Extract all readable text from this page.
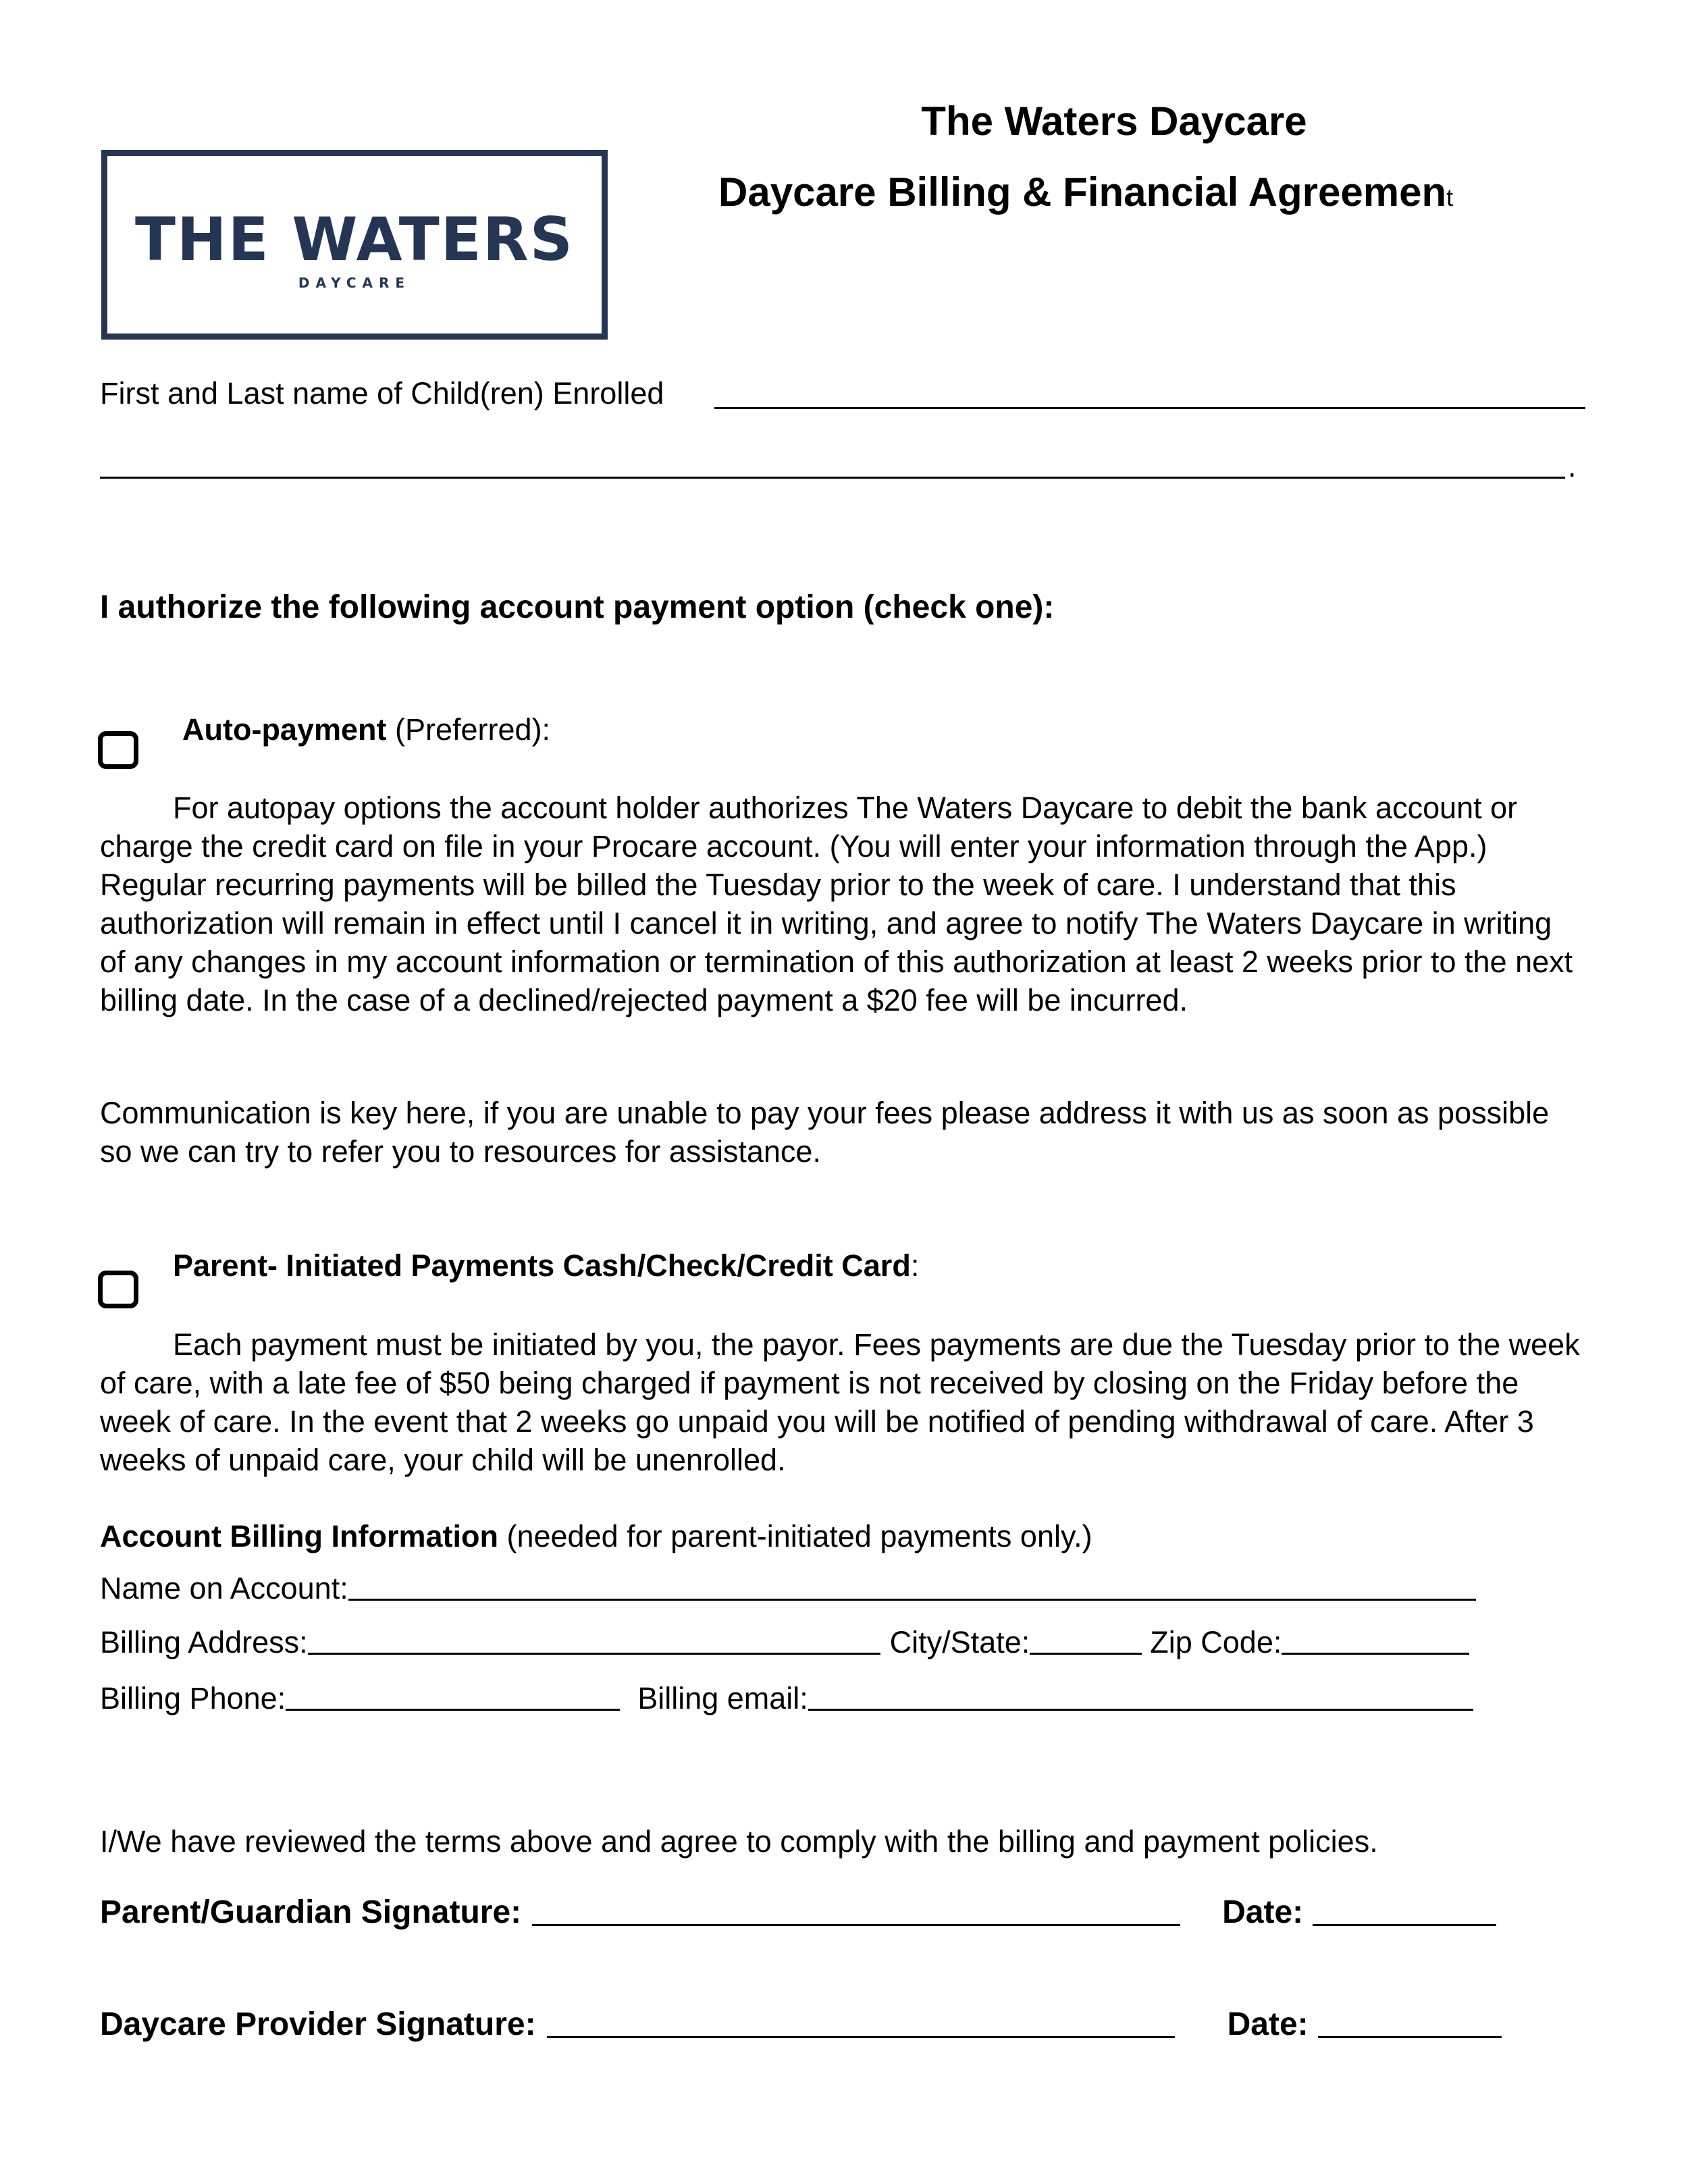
THE WATERS
DAYCARE
The Waters Daycare
Daycare Billing & Financial Agreement
First and Last name of Child(ren) Enrolled
.
I authorize the following account payment option (check one):
Auto-payment (Preferred):

For autopay options the account holder authorizes The Waters Daycare to debit the bank account or charge the credit card on file in your Procare account. (You will enter your information through the App.) Regular recurring payments will be billed the Tuesday prior to the week of care. I understand that this authorization will remain in effect until I cancel it in writing, and agree to notify The Waters Daycare in writing of any changes in my account information or termination of this authorization at least 2 weeks prior to the next billing date. In the case of a declined/rejected payment a $20 fee will be incurred.

Communication is key here, if you are unable to pay your fees please address it with us as soon as possible so we can try to refer you to resources for assistance.

Parent- Initiated Payments Cash/Check/Credit Card:

Each payment must be initiated by you, the payor. Fees payments are due the Tuesday prior to the week of care, with a late fee of $50 being charged if payment is not received by closing on the Friday before the week of care. In the event that 2 weeks go unpaid you will be notified of pending withdrawal of care. After 3 weeks of unpaid care, your child will be unenrolled.

Account Billing Information (needed for parent-initiated payments only.)
Name on Account:
Billing Address:	City/State:	Zip Code:
Billing Phone:	Billing email:
I/We have reviewed the terms above and agree to comply with the billing and payment policies.
Parent/Guardian Signature:	Date:
Daycare Provider Signature:	Date:
